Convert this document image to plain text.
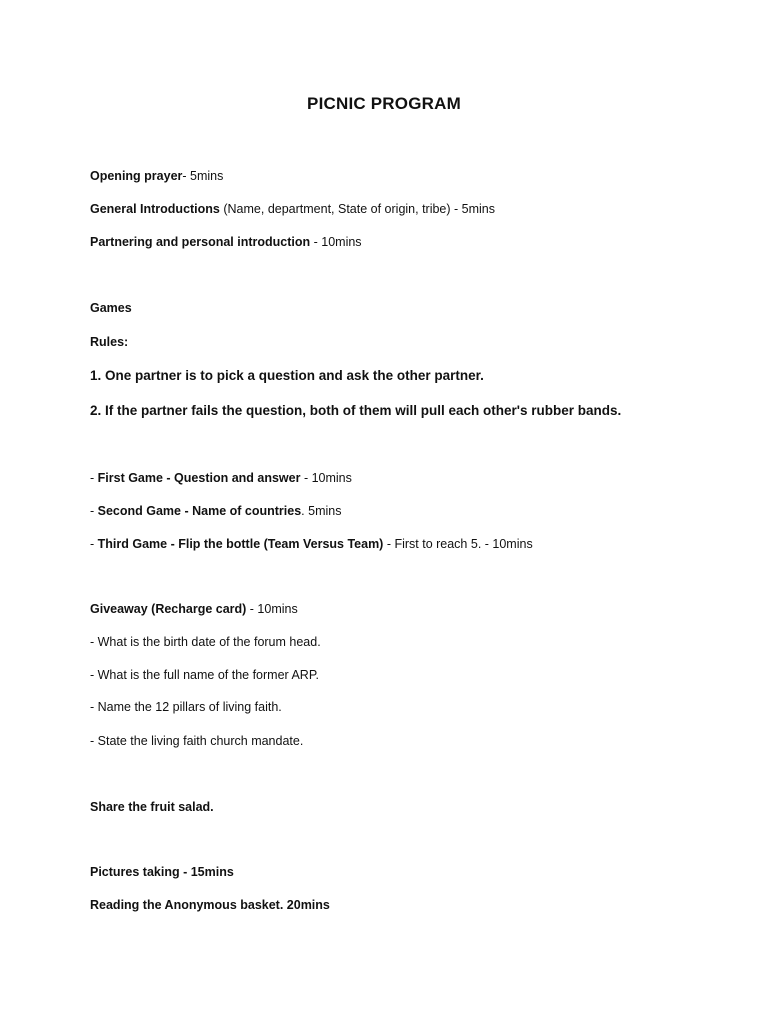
PICNIC PROGRAM
Opening prayer- 5mins
General Introductions (Name, department, State of origin, tribe) - 5mins
Partnering and personal introduction - 10mins
Games
Rules:
1. One partner is to pick a question and ask the other partner.
2. If the partner fails the question, both of them will pull each other's rubber bands.
- First Game - Question and answer - 10mins
- Second Game - Name of countries. 5mins
- Third Game - Flip the bottle (Team Versus Team) - First to reach 5. - 10mins
Giveaway (Recharge card) - 10mins
- What is the birth date of the forum head.
- What is the full name of the former ARP.
- Name the 12 pillars of living faith.
- State the living faith church mandate.
Share the fruit salad.
Pictures taking - 15mins
Reading the Anonymous basket. 20mins
